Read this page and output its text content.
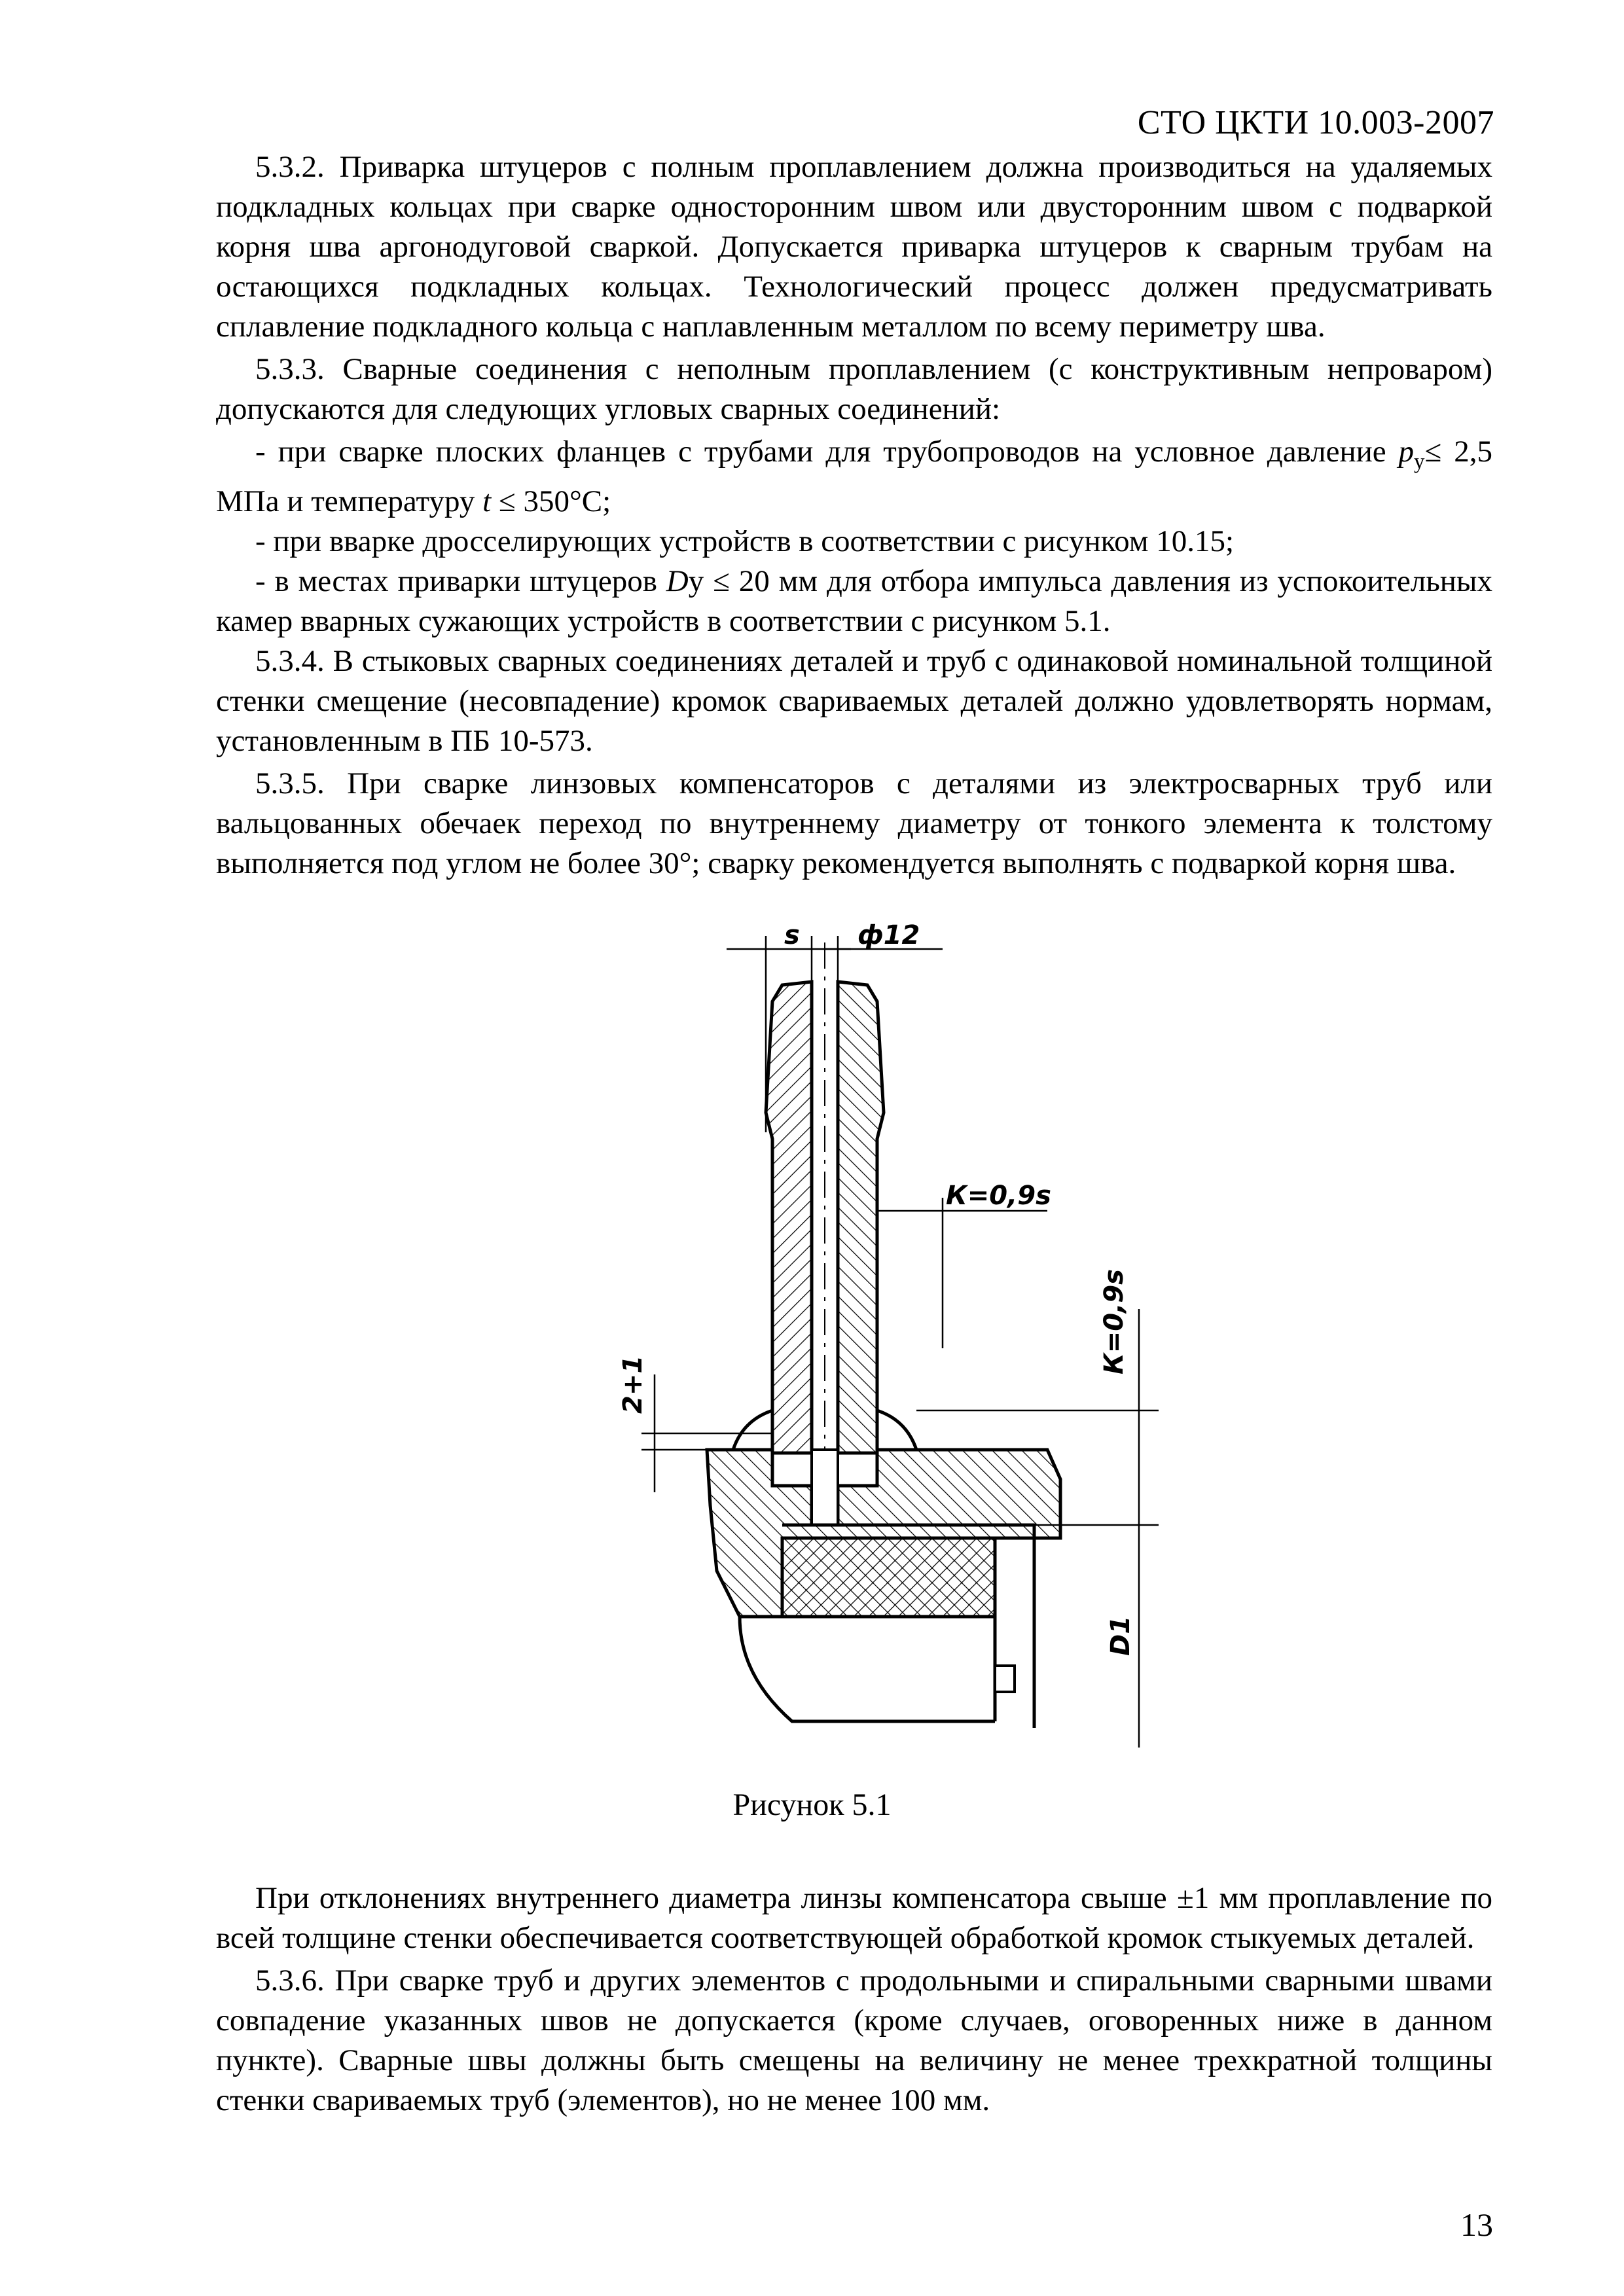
СТО ЦКТИ 10.003-2007

5.3.2. Приварка штуцеров с полным проплавлением должна производиться на удаляемых подкладных кольцах при сварке односторонним швом или двусторонним швом с подваркой корня шва аргонодуговой сваркой. Допускается приварка штуцеров к сварным трубам на остающихся подкладных кольцах. Технологический процесс должен предусматривать сплавление подкладного кольца с наплавленным металлом по всему периметру шва.

5.3.3. Сварные соединения с неполным проплавлением (с конструктивным непроваром) допускаются для следующих угловых сварных соединений:

- при сварке плоских фланцев с трубами для трубопроводов на условное давление $p_y\le 2,5$ МПа и температуру t ≤ 350°С;

- при вварке дросселирующих устройств в соответствии с рисунком 10.15;

- в местах приварки штуцеров Dу ≤ 20 мм для отбора импульса давления из успокоительных камер вварных сужающих устройств в соответствии с рисунком 5.1.

5.3.4. В стыковых сварных соединениях деталей и труб с одинаковой номинальной толщиной стенки смещение (несовпадение) кромок свариваемых деталей должно удовлетворять нормам, установленным в ПБ 10-573.

5.3.5. При сварке линзовых компенсаторов с деталями из электросварных труб или вальцованных обечаек переход по внутреннему диаметру от тонкого элемента к толстому выполняется под углом не более 30°; сварку рекомендуется выполнять с подваркой корня шва.

s ф12
К=0,9s
К=0,9s
2+1
D1
Рисунок 5.1

При отклонениях внутреннего диаметра линзы компенсатора свыше ±1 мм проплавление по всей толщине стенки обеспечивается соответствующей обработкой кромок стыкуемых деталей.

5.3.6. При сварке труб и других элементов с продольными и спиральными сварными швами совпадение указанных швов не допускается (кроме случаев, оговоренных ниже в данном пункте). Сварные швы должны быть смещены на величину не менее трехкратной толщины стенки свариваемых труб (элементов), но не менее 100 мм.

13
